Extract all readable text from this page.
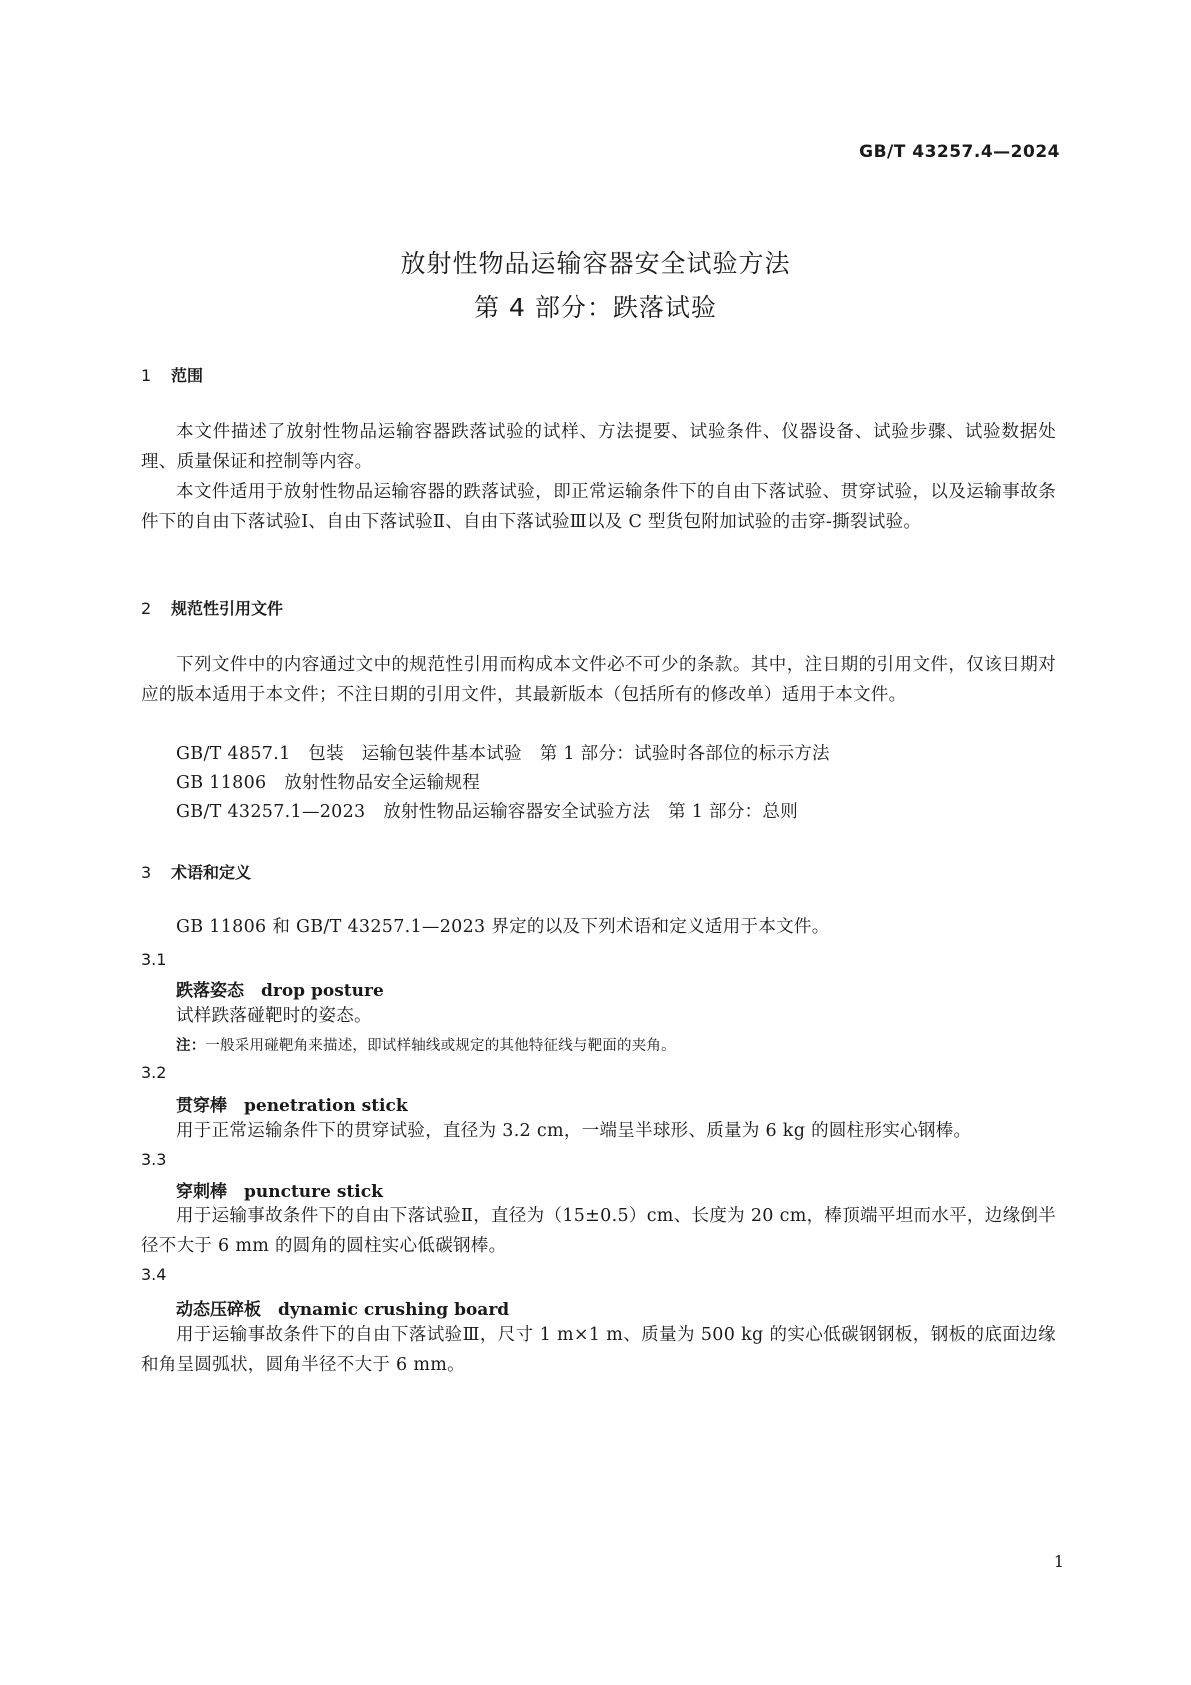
GB/T 43257.4—2024
放射性物品运输容器安全试验方法
第 4 部分：跌落试验
1 范围
本文件描述了放射性物品运输容器跌落试验的试样、方法提要、试验条件、仪器设备、试验步骤、试验数据处理、质量保证和控制等内容。
本文件适用于放射性物品运输容器的跌落试验，即正常运输条件下的自由下落试验、贯穿试验，以及运输事故条件下的自由下落试验Ⅰ、自由下落试验Ⅱ、自由下落试验Ⅲ以及 C 型货包附加试验的击穿-撕裂试验。
2 规范性引用文件
下列文件中的内容通过文中的规范性引用而构成本文件必不可少的条款。其中，注日期的引用文件，仅该日期对应的版本适用于本文件；不注日期的引用文件，其最新版本（包括所有的修改单）适用于本文件。
GB/T 4857.1　包装　运输包装件基本试验　第 1 部分：试验时各部位的标示方法
GB 11806　放射性物品安全运输规程
GB/T 43257.1—2023　放射性物品运输容器安全试验方法　第 1 部分：总则
3 术语和定义
GB 11806 和 GB/T 43257.1—2023 界定的以及下列术语和定义适用于本文件。
3.1
跌落姿态　drop posture
试样跌落碰靶时的姿态。
注：一般采用碰靶角来描述，即试样轴线或规定的其他特征线与靶面的夹角。
3.2
贯穿棒　penetration stick
用于正常运输条件下的贯穿试验，直径为 3.2 cm，一端呈半球形、质量为 6 kg 的圆柱形实心钢棒。
3.3
穿刺棒　puncture stick
用于运输事故条件下的自由下落试验Ⅱ，直径为（15±0.5）cm、长度为 20 cm，棒顶端平坦而水平，边缘倒半径不大于 6 mm 的圆角的圆柱实心低碳钢棒。
3.4
动态压碎板　dynamic crushing board
用于运输事故条件下的自由下落试验Ⅲ，尺寸 1 m×1 m、质量为 500 kg 的实心低碳钢钢板，钢板的底面边缘和角呈圆弧状，圆角半径不大于 6 mm。
1
